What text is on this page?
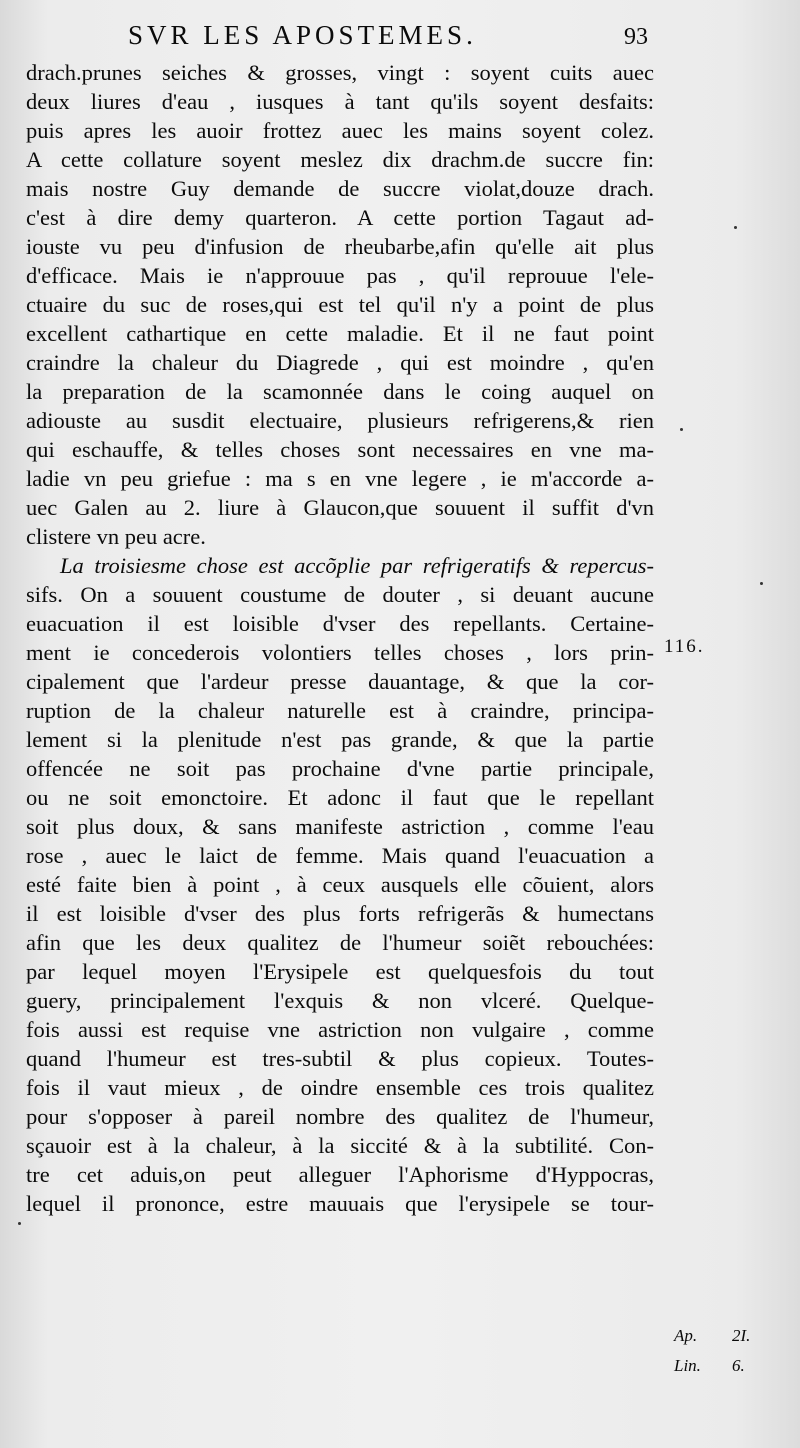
SVR LES APOSTEMES.	93
drach.prunes seiches & grosses, vingt : soyent cuits auec
deux liures d'eau , iusques à tant qu'ils soyent desfaits:
puis apres les auoir frottez auec les mains soyent colez.
A cette collature soyent meslez dix drachm.de succre fin:
mais nostre Guy demande de succre violat,douze drach.
c'est à dire demy quarteron. A cette portion Tagaut ad-
iouste vu peu d'infusion de rheubarbe,afin qu'elle ait plus
d'efficace. Mais ie n'approuue pas , qu'il reprouue l'ele-
ctuaire du suc de roses,qui est tel qu'il n'y a point de plus
excellent cathartique en cette maladie. Et il ne faut point
craindre la chaleur du Diagrede , qui est moindre , qu'en
la preparation de la scamonnée dans le coing auquel on
adiouste au susdit electuaire, plusieurs refrigerens,& rien
qui eschauffe, & telles choses sont necessaires en vne ma-
ladie vn peu griefue : ma s en vne legere , ie m'accorde a-
uec Galen au 2. liure à Glaucon,que souuent il suffit d'vn
clistere vn peu acre.
La troisiesme chose est accõplie par refrigeratifs & repercus-
sifs. On a souuent coustume de douter , si deuant aucune
euacuation il est loisible d'vser des repellants. Certaine-
ment ie concederois volontiers telles choses , lors prin-
cipalement que l'ardeur presse dauantage, & que la cor-
ruption de la chaleur naturelle est à craindre, principa-
lement si la plenitude n'est pas grande, & que la partie
offencée ne soit pas prochaine d'vne partie principale,
ou ne soit emonctoire. Et adonc il faut que le repellant
soit plus doux, & sans manifeste astriction , comme l'eau
rose , auec le laict de femme. Mais quand l'euacuation a
esté faite bien à point , à ceux ausquels elle cõuient, alors
il est loisible d'vser des plus forts refrigerãs & humectans
afin que les deux qualitez de l'humeur soiẽt rebouchées:
par lequel moyen l'Erysipele est quelquesfois du tout
guery, principalement l'exquis & non vlceré. Quelque-
fois aussi est requise vne astriction non vulgaire , comme
quand l'humeur est tres-subtil & plus copieux. Toutes-
fois il vaut mieux , de oindre ensemble ces trois qualitez
pour s'opposer à pareil nombre des qualitez de l'humeur,
sçauoir est à la chaleur, à la siccité & à la subtilité. Con-
tre cet aduis,on peut alleguer l'Aphorisme d'Hyppocras,
lequel il prononce, estre mauuais que l'erysipele se tour-
116.
Ap. 2I.
Lin. 6.
